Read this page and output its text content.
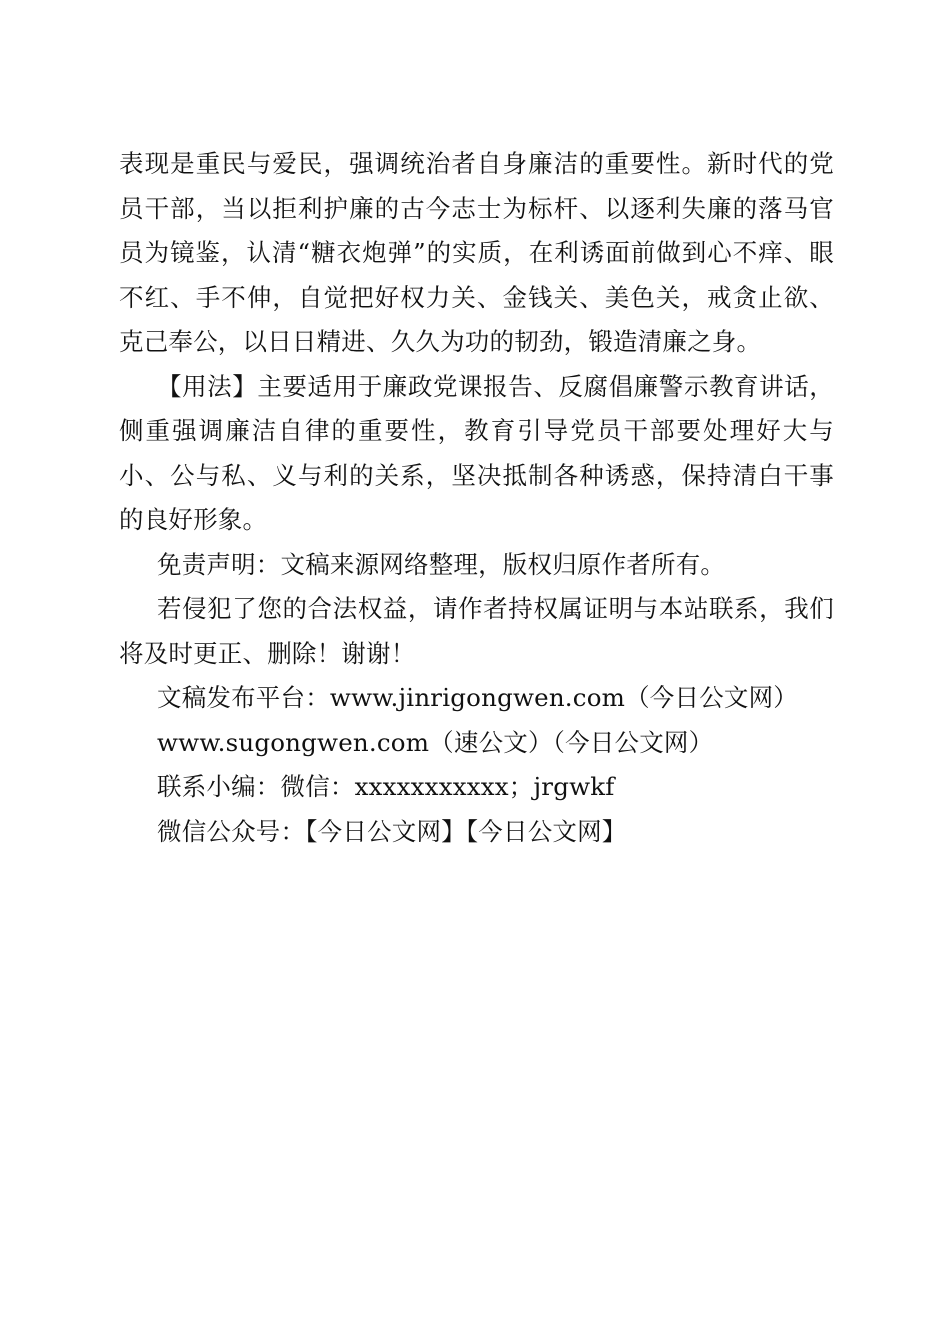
表现是重民与爱民，强调统治者自身廉洁的重要性。新时代的党员干部，当以拒利护廉的古今志士为标杆、以逐利失廉的落马官员为镜鉴，认清“糖衣炮弹”的实质，在利诱面前做到心不痒、眼不红、手不伸，自觉把好权力关、金钱关、美色关，戒贪止欲、克己奉公，以日日精进、久久为功的韧劲，锻造清廉之身。

【用法】主要适用于廉政党课报告、反腐倡廉警示教育讲话，侧重强调廉洁自律的重要性，教育引导党员干部要处理好大与小、公与私、义与利的关系，坚决抵制各种诱惑，保持清白干事的良好形象。

免责声明：文稿来源网络整理，版权归原作者所有。

若侵犯了您的合法权益，请作者持权属证明与本站联系，我们将及时更正、删除！谢谢！

文稿发布平台：www.jinrigongwen.com（今日公文网）

www.sugongwen.com（速公文）（今日公文网）

联系小编：微信：xxxxxxxxxxx；jrgwkf

微信公众号：【今日公文网】【今日公文网】
